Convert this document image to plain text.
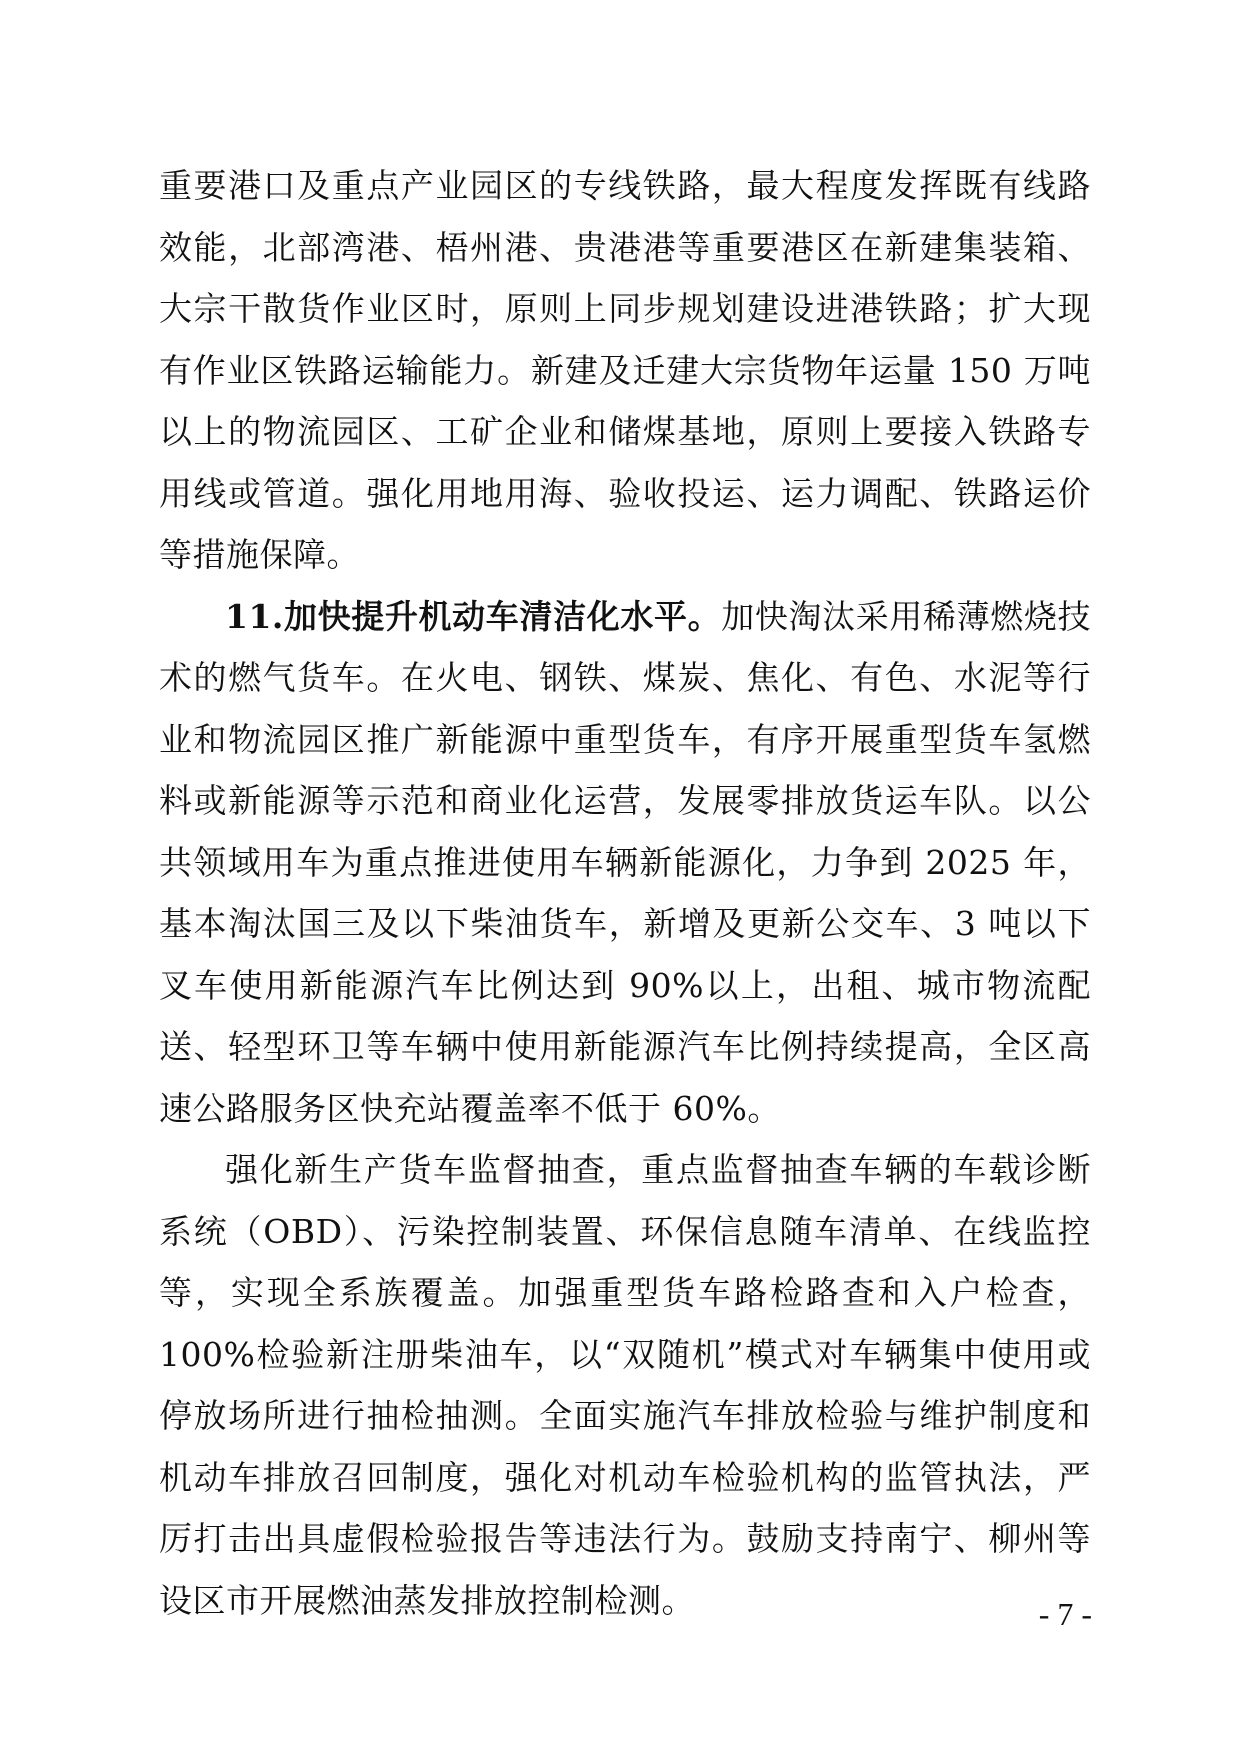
重要港口及重点产业园区的专线铁路，最大程度发挥既有线路效能，北部湾港、梧州港、贵港港等重要港区在新建集装箱、大宗干散货作业区时，原则上同步规划建设进港铁路；扩大现有作业区铁路运输能力。新建及迁建大宗货物年运量 150 万吨以上的物流园区、工矿企业和储煤基地，原则上要接入铁路专用线或管道。强化用地用海、验收投运、运力调配、铁路运价等措施保障。

11.加快提升机动车清洁化水平。加快淘汰采用稀薄燃烧技术的燃气货车。在火电、钢铁、煤炭、焦化、有色、水泥等行业和物流园区推广新能源中重型货车，有序开展重型货车氢燃料或新能源等示范和商业化运营，发展零排放货运车队。以公共领域用车为重点推进使用车辆新能源化，力争到 2025 年，基本淘汰国三及以下柴油货车，新增及更新公交车、3 吨以下叉车使用新能源汽车比例达到 90%以上，出租、城市物流配送、轻型环卫等车辆中使用新能源汽车比例持续提高，全区高速公路服务区快充站覆盖率不低于 60%。

强化新生产货车监督抽查，重点监督抽查车辆的车载诊断系统（OBD）、污染控制装置、环保信息随车清单、在线监控等，实现全系族覆盖。加强重型货车路检路查和入户检查，100%检验新注册柴油车，以“双随机”模式对车辆集中使用或停放场所进行抽检抽测。全面实施汽车排放检验与维护制度和机动车排放召回制度，强化对机动车检验机构的监管执法，严厉打击出具虚假检验报告等违法行为。鼓励支持南宁、柳州等设区市开展燃油蒸发排放控制检测。	- 7 -
